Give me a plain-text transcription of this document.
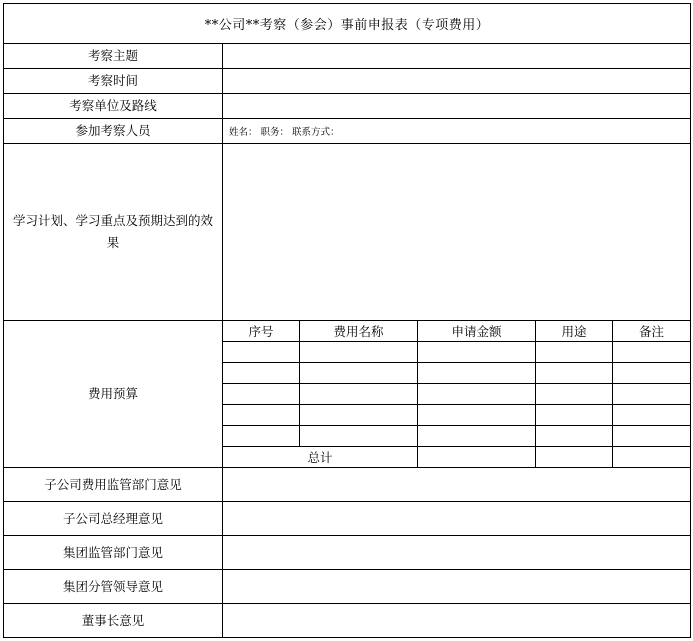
**公司**考察（参会）事前申报表（专项费用）					
考察主题					
考察时间					
考察单位及路线					
参加考察人员	姓名： 职务： 联系方式：				
学习计划、学习重点及预期达到的效果					
费用预算	序号	费用名称	申请金额	用途	备注

	总计				
子公司费用监管部门意见					
子公司总经理意见					
集团监管部门意见					
集团分管领导意见					
董事长意见					
